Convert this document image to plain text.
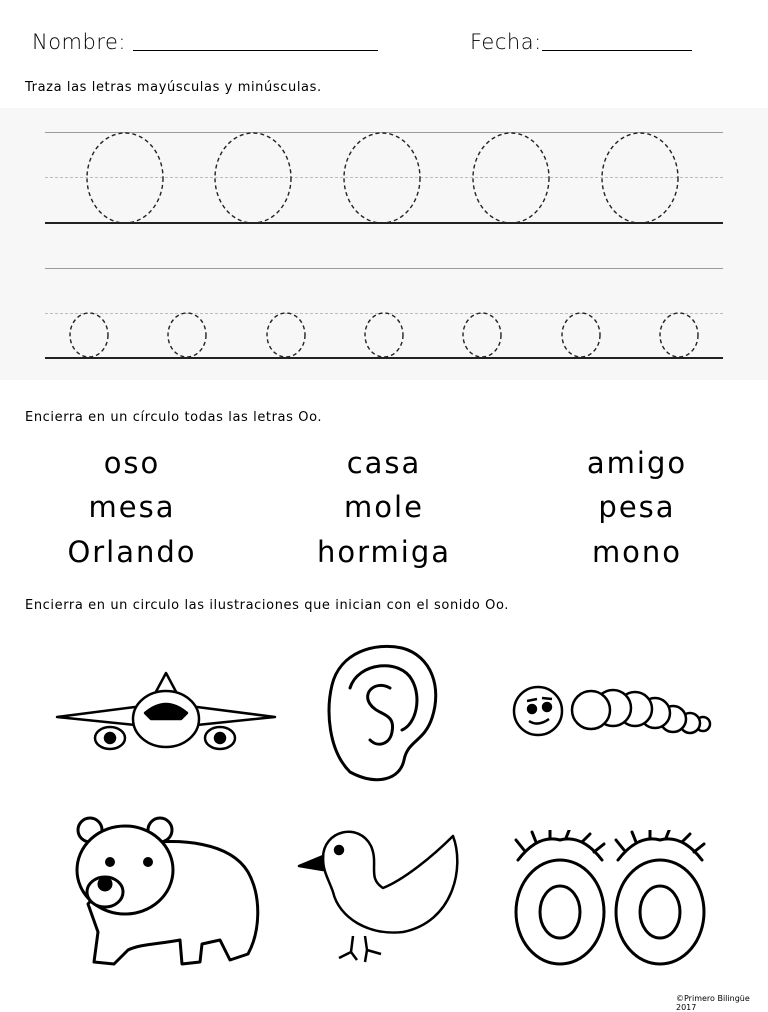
Nombre:	Fecha:
Traza las letras mayúsculas y minúsculas.
Encierra en un círculo todas las letras Oo.
oso	casa	amigo
mesa	mole	pesa
Orlando	hormiga	mono
Encierra en un circulo las ilustraciones que inician con el sonido Oo.
©Primero Bilingüe 2017
